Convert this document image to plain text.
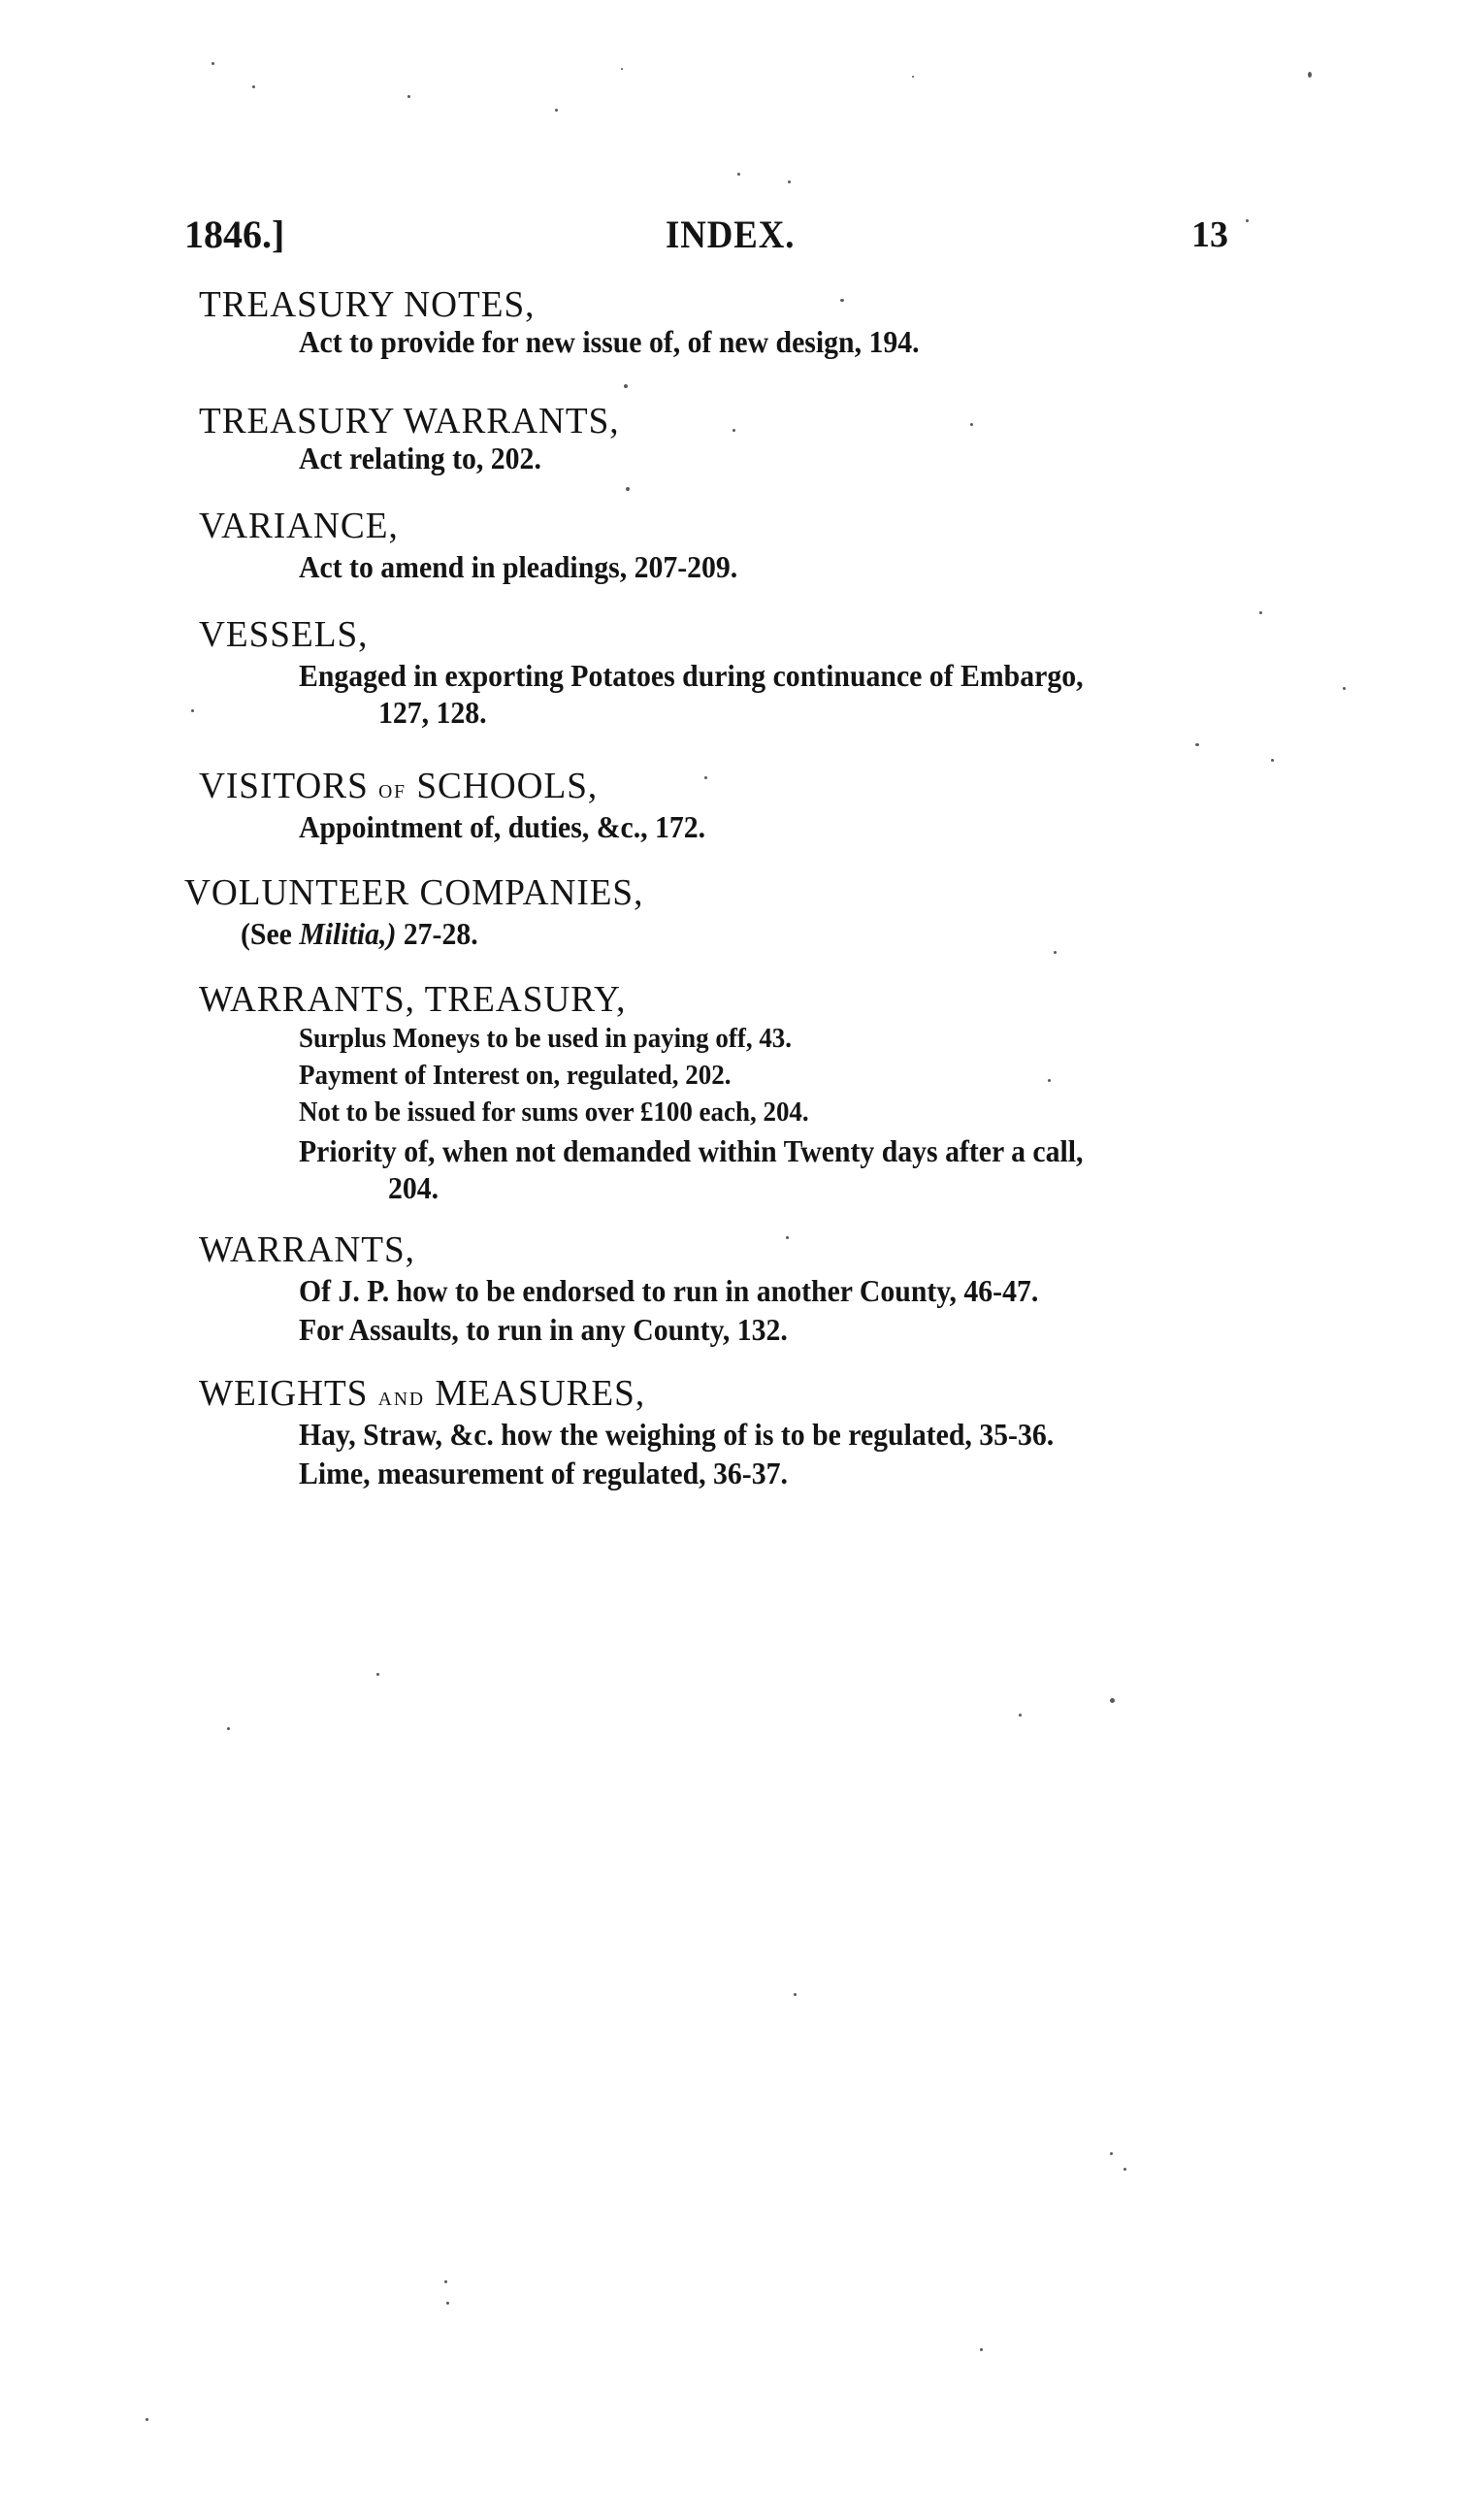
1846.]	INDEX.	13
TREASURY NOTES,
Act to provide for new issue of, of new design, 194.
TREASURY WARRANTS,
Act relating to, 202.
VARIANCE,
Act to amend in pleadings, 207-209.
VESSELS,
Engaged in exporting Potatoes during continuance of Embargo,
127, 128.
VISITORS OF SCHOOLS,
Appointment of, duties, &c., 172.
VOLUNTEER COMPANIES,
(See Militia,) 27-28.
WARRANTS, TREASURY,
Surplus Moneys to be used in paying off, 43.
Payment of Interest on, regulated, 202.
Not to be issued for sums over £100 each, 204.
Priority of, when not demanded within Twenty days after a call,
204.
WARRANTS,
Of J. P. how to be endorsed to run in another County, 46-47.
For Assaults, to run in any County, 132.
WEIGHTS AND MEASURES,
Hay, Straw, &c. how the weighing of is to be regulated, 35-36.
Lime, measurement of regulated, 36-37.
